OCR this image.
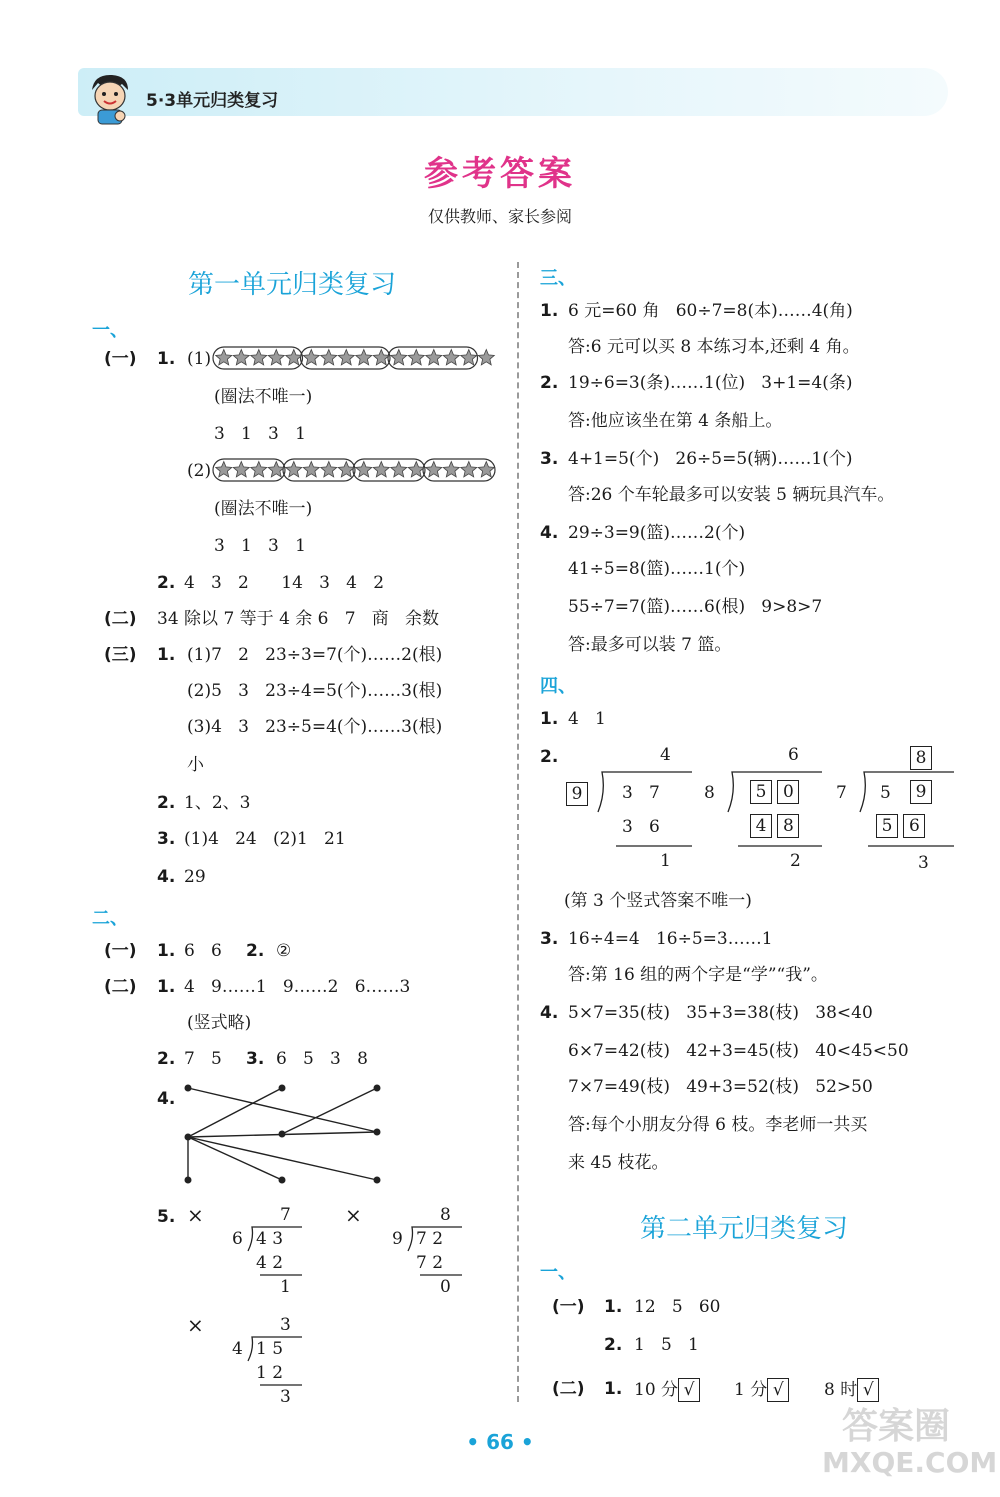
5·3单元归类复习
参考答案
仅供教师、家长参阅
第一单元归类复习
一、
(一) 1. (1)
(圈法不唯一)
3   1   3   1
(2)
(圈法不唯一)
3   1   3   1
2. 4   3   2      14   3   4   2
(二) 34 除以 7 等于 4 余 6   7   商   余数
(三) 1. (1)7   2   23÷3=7(个)……2(根)
(2)5   3   23÷4=5(个)……3(根)
(3)4   3   23÷5=4(个)……3(根)
小
2. 1、2、3
3. (1)4   24   (2)1   21
4. 29
二、
(一) 1. 6   6 2. ②
(二) 1. 4   9……1   9……2   6……3
(竖式略)
2. 7   5 3. 6   5   3   8
4.
5. ×	×
×
7
6 4 3
4 2
1
8
9 7 2
7 2
0
3
4 1 5
1 2
3
三、
1. 6 元=60 角   60÷7=8(本)……4(角)
答:6 元可以买 8 本练习本,还剩 4 角。
2. 19÷6=3(条)……1(位)   3+1=4(条)
答:他应该坐在第 4 条船上。
3. 4+1=5(个)   26÷5=5(辆)……1(个)
答:26 个车轮最多可以安装 5 辆玩具汽车。
4. 29÷3=9(篮)……2(个)
41÷5=8(篮)……1(个)
55÷7=7(篮)……6(根)   9>8>7
答:最多可以装 7 篮。
四、
1. 4   1
2.	4
9	3   7
3   6
1
6
8	5 0
4 8
2
8
7 5	9
5 6
3
(第 3 个竖式答案不唯一)
3. 16÷4=4   16÷5=3……1
答:第 16 组的两个字是“学”“我”。
4. 5×7=35(枝)   35+3=38(枝)   38<40
6×7=42(枝)   42+3=45(枝)   40<45<50
7×7=49(枝)   49+3=52(枝)   52>50
答:每个小朋友分得 6 枝。李老师一共买
来 45 枝花。
第二单元归类复习
一、
(一) 1. 12   5   60
2. 1   5   1
(二) 1. 10 分 √	1 分 √	8 时 √
• 66 •	答案圈
MXQE.COM
